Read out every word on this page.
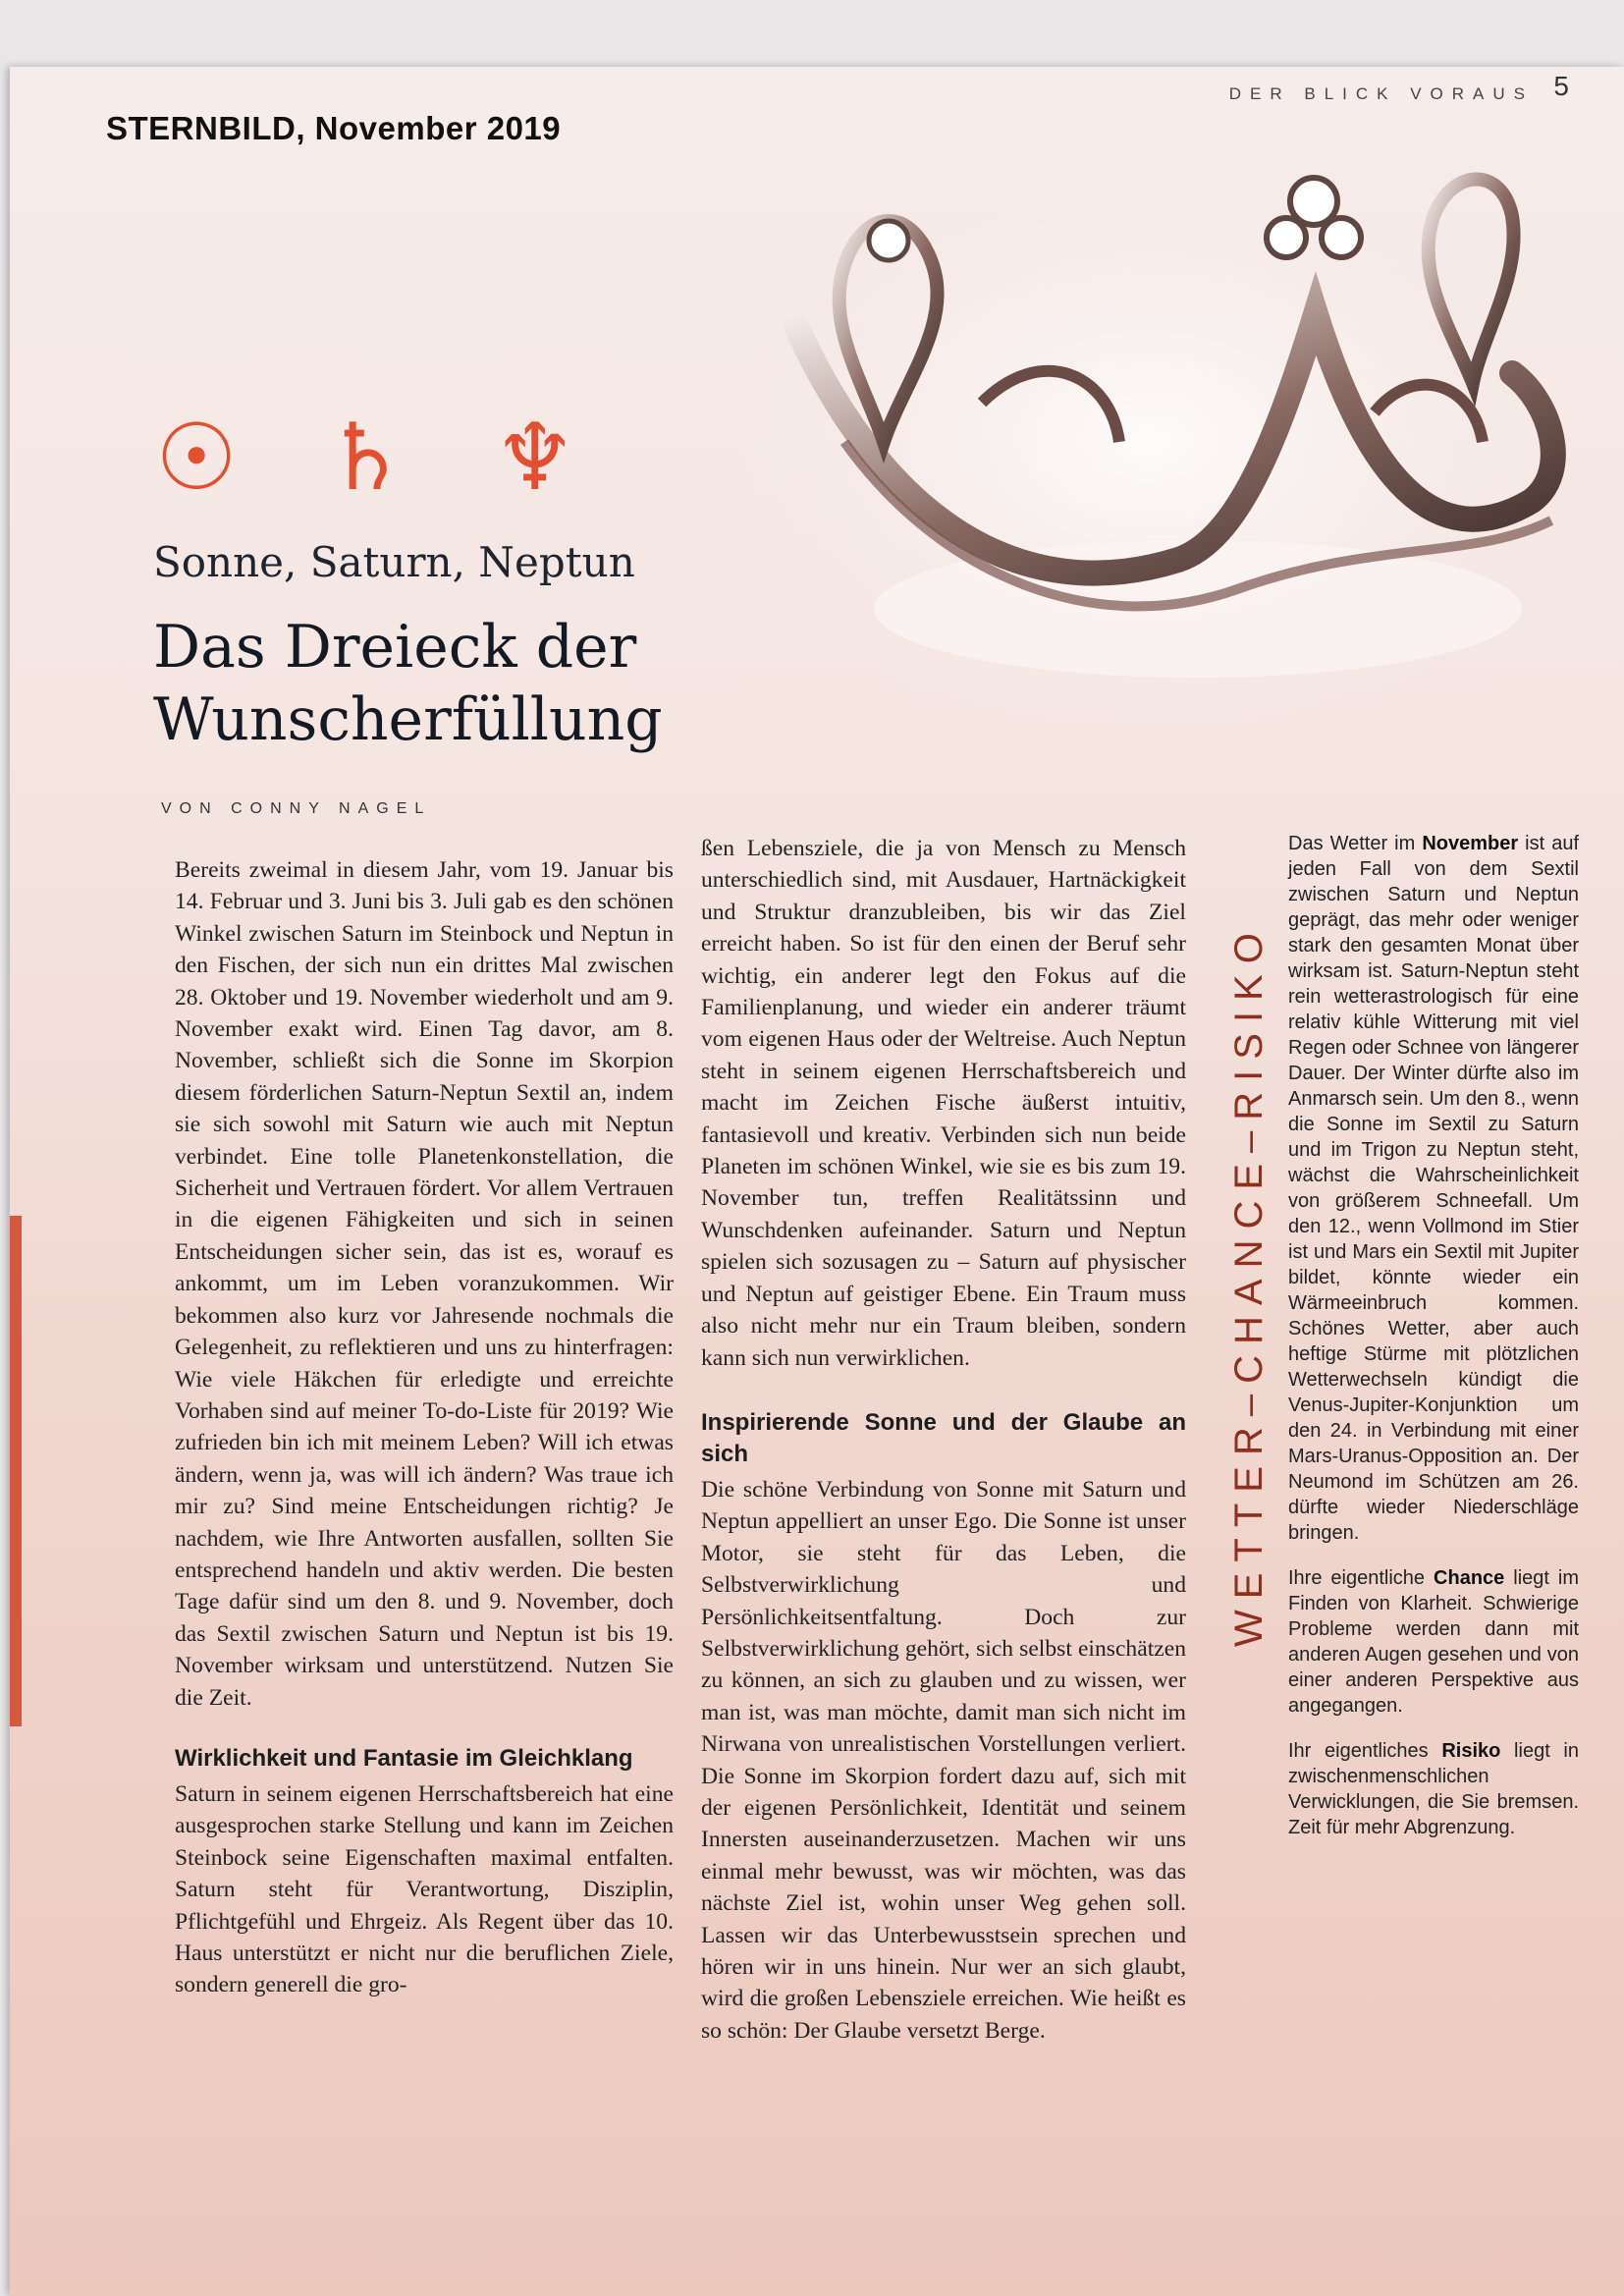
STERNBILD, November 2019
DER BLICK VORAUS 5
☉ ♄ ♆
Sonne, Saturn, Neptun
Das Dreieck der Wunscherfüllung
VON CONNY NAGEL

Bereits zweimal in diesem Jahr, vom 19. Januar bis 14. Februar und 3. Juni bis 3. Juli gab es den schönen Winkel zwischen Saturn im Steinbock und Neptun in den Fischen, der sich nun ein drittes Mal zwischen 28. Oktober und 19. November wiederholt und am 9. November exakt wird. Einen Tag davor, am 8. November, schließt sich die Sonne im Skorpion diesem förderlichen Saturn-Neptun Sextil an, indem sie sich sowohl mit Saturn wie auch mit Neptun verbindet. Eine tolle Planetenkonstellation, die Sicherheit und Vertrauen fördert. Vor allem Vertrauen in die eigenen Fähigkeiten und sich in seinen Entscheidungen sicher sein, das ist es, worauf es ankommt, um im Leben voranzukommen. Wir bekommen also kurz vor Jahresende nochmals die Gelegenheit, zu reflektieren und uns zu hinterfragen: Wie viele Häkchen für erledigte und erreichte Vorhaben sind auf meiner To-do-Liste für 2019? Wie zufrieden bin ich mit meinem Leben? Will ich etwas ändern, wenn ja, was will ich ändern? Was traue ich mir zu? Sind meine Entscheidungen richtig? Je nachdem, wie Ihre Antworten ausfallen, sollten Sie entsprechend handeln und aktiv werden. Die besten Tage dafür sind um den 8. und 9. November, doch das Sextil zwischen Saturn und Neptun ist bis 19. November wirksam und unterstützend. Nutzen Sie die Zeit.

Wirklichkeit und Fantasie im Gleichklang

Saturn in seinem eigenen Herrschaftsbereich hat eine ausgesprochen starke Stellung und kann im Zeichen Steinbock seine Eigenschaften maximal entfalten. Saturn steht für Verantwortung, Disziplin, Pflichtgefühl und Ehrgeiz. Als Regent über das 10. Haus unterstützt er nicht nur die beruflichen Ziele, sondern generell die gro-

ßen Lebensziele, die ja von Mensch zu Mensch unterschiedlich sind, mit Ausdauer, Hartnäckigkeit und Struktur dranzubleiben, bis wir das Ziel erreicht haben. So ist für den einen der Beruf sehr wichtig, ein anderer legt den Fokus auf die Familienplanung, und wieder ein anderer träumt vom eigenen Haus oder der Weltreise. Auch Neptun steht in seinem eigenen Herrschaftsbereich und macht im Zeichen Fische äußerst intuitiv, fantasievoll und kreativ. Verbinden sich nun beide Planeten im schönen Winkel, wie sie es bis zum 19. November tun, treffen Realitätssinn und Wunschdenken aufeinander. Saturn und Neptun spielen sich sozusagen zu – Saturn auf physischer und Neptun auf geistiger Ebene. Ein Traum muss also nicht mehr nur ein Traum bleiben, sondern kann sich nun verwirklichen.

Inspirierende Sonne und der Glaube an sich

Die schöne Verbindung von Sonne mit Saturn und Neptun appelliert an unser Ego. Die Sonne ist unser Motor, sie steht für das Leben, die Selbstverwirklichung und Persönlichkeitsentfaltung. Doch zur Selbstverwirklichung gehört, sich selbst einschätzen zu können, an sich zu glauben und zu wissen, wer man ist, was man möchte, damit man sich nicht im Nirwana von unrealistischen Vorstellungen verliert. Die Sonne im Skorpion fordert dazu auf, sich mit der eigenen Persönlichkeit, Identität und seinem Innersten auseinanderzusetzen. Machen wir uns einmal mehr bewusst, was wir möchten, was das nächste Ziel ist, wohin unser Weg gehen soll. Lassen wir das Unterbewusstsein sprechen und hören wir in uns hinein. Nur wer an sich glaubt, wird die großen Lebensziele erreichen. Wie heißt es so schön: Der Glaube versetzt Berge.

WETTER–CHANCE–RISIKO

Das Wetter im November ist auf jeden Fall von dem Sextil zwischen Saturn und Neptun geprägt, das mehr oder weniger stark den gesamten Monat über wirksam ist. Saturn-Neptun steht rein wetterastrologisch für eine relativ kühle Witterung mit viel Regen oder Schnee von längerer Dauer. Der Winter dürfte also im Anmarsch sein. Um den 8., wenn die Sonne im Sextil zu Saturn und im Trigon zu Neptun steht, wächst die Wahrscheinlichkeit von größerem Schneefall. Um den 12., wenn Vollmond im Stier ist und Mars ein Sextil mit Jupiter bildet, könnte wieder ein Wärmeeinbruch kommen. Schönes Wetter, aber auch heftige Stürme mit plötzlichen Wetterwechseln kündigt die Venus-Jupiter-Konjunktion um den 24. in Verbindung mit einer Mars-Uranus-Opposition an. Der Neumond im Schützen am 26. dürfte wieder Niederschläge bringen.

Ihre eigentliche Chance liegt im Finden von Klarheit. Schwierige Probleme werden dann mit anderen Augen gesehen und von einer anderen Perspektive aus angegangen.

Ihr eigentliches Risiko liegt in zwischenmenschlichen Verwicklungen, die Sie bremsen. Zeit für mehr Abgrenzung.
